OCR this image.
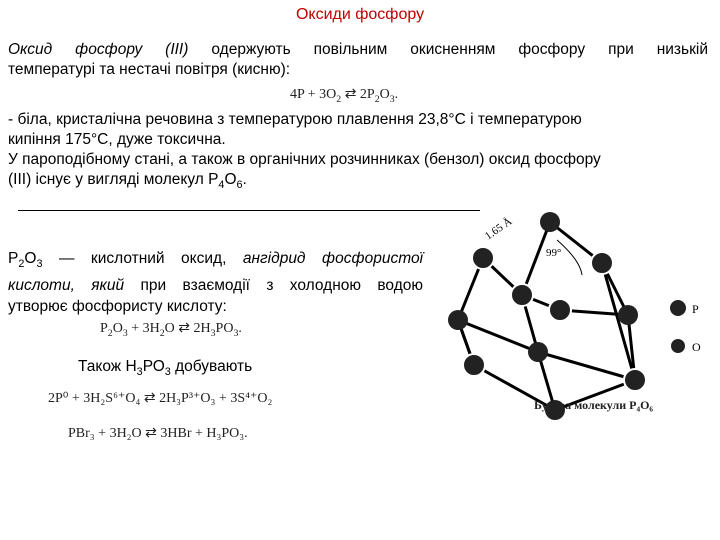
Оксиди фосфору
Оксид фосфору (ІІІ) одержують повільним окисненням фосфору при низькій
температурі та нестачі повітря (кисню):
$4P + 3O_2$ ⇄ $2P_2O_3$.
- біла, кристалічна речовина з температурою плавлення 23,8°С і температурою
кипіння 175°С, дуже токсична.
У пароподібному стані, а також в органічних розчинниках (бензол) оксид фосфору
(ІІІ) існує у вигляді молекул $Р_4О_6$.
$Р_2O_3$ — кислотний оксид, ангідрид фосфористої
кислоти, який при взаємодії з холодною водою
утворює фосфористу кислоту:
$P_2O_3 + 3H_2O$ ⇄ $2H_3PO_3$.
Також $Н_3РО_3$ добувають
2P⁰ + 3H₂S⁶⁺O₄ ⇄ 2H₃P³⁺O₃ + 3S⁴⁺O₂
PBr₃ + 3H₂O ⇄ 3HBr + H₃PO₃.
1.65 Å
99°
P
O
Будова молекули Р₄О₆
